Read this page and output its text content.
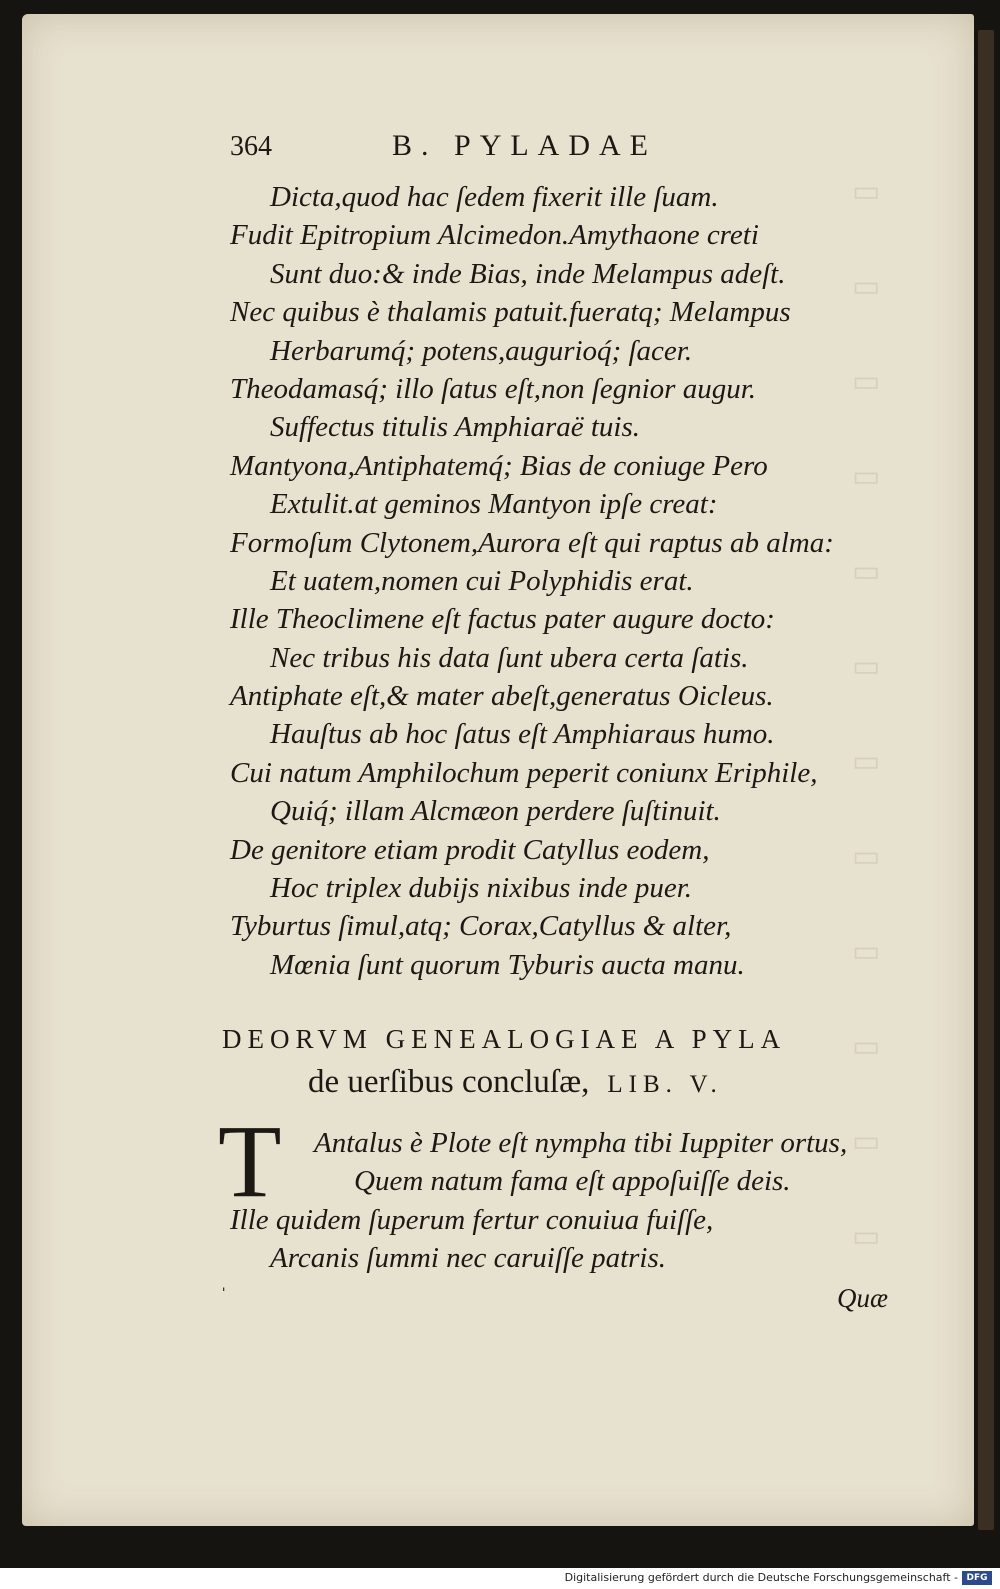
▭
▭
▭
▭
▭
▭
▭
▭
▭
▭
▭
▭
364	B. PYLADAE
Dicta,quod hac ſedem fixerit ille ſuam.
Fudit Epitropium Alcimedon.Amythaone creti
Sunt duo:& inde Bias, inde Melampus adeſt.
Nec quibus è thalamis patuit.fueratq; Melampus
Herbarumq́; potens,augurioq́; ſacer.
Theodamasq́; illo ſatus eſt,non ſegnior augur.
Suffectus titulis Amphiaraë tuis.
Mantyona,Antiphatemq́; Bias de coniuge Pero
Extulit.at geminos Mantyon ipſe creat:
Formoſum Clytonem,Aurora eſt qui raptus ab alma:
Et uatem,nomen cui Polyphidis erat.
Ille Theoclimene eſt factus pater augure docto:
Nec tribus his data ſunt ubera certa ſatis.
Antiphate eſt,& mater abeſt,generatus Oicleus.
Hauſtus ab hoc ſatus eſt Amphiaraus humo.
Cui natum Amphilochum peperit coniunx Eriphile,
Quiq́; illam Alcmæon perdere ſuſtinuit.
De genitore etiam prodit Catyllus eodem,
Hoc triplex dubijs nixibus inde puer.
Tyburtus ſimul,atq; Corax,Catyllus & alter,
Mœnia ſunt quorum Tyburis aucta manu.
DEORVM GENEALOGIAE A PYLA
de uerſibus concluſæ, LIB. V.
T	Antalus è Plote eſt nympha tibi Iuppiter ortus,
Quem natum fama eſt appoſuiſſe deis.
Ille quidem ſuperum fertur conuiua fuiſſe,
Arcanis ſummi nec caruiſſe patris.
ˈ	Quæ
Digitalisierung gefördert durch die Deutsche Forschungsgemeinschaft - DFG
